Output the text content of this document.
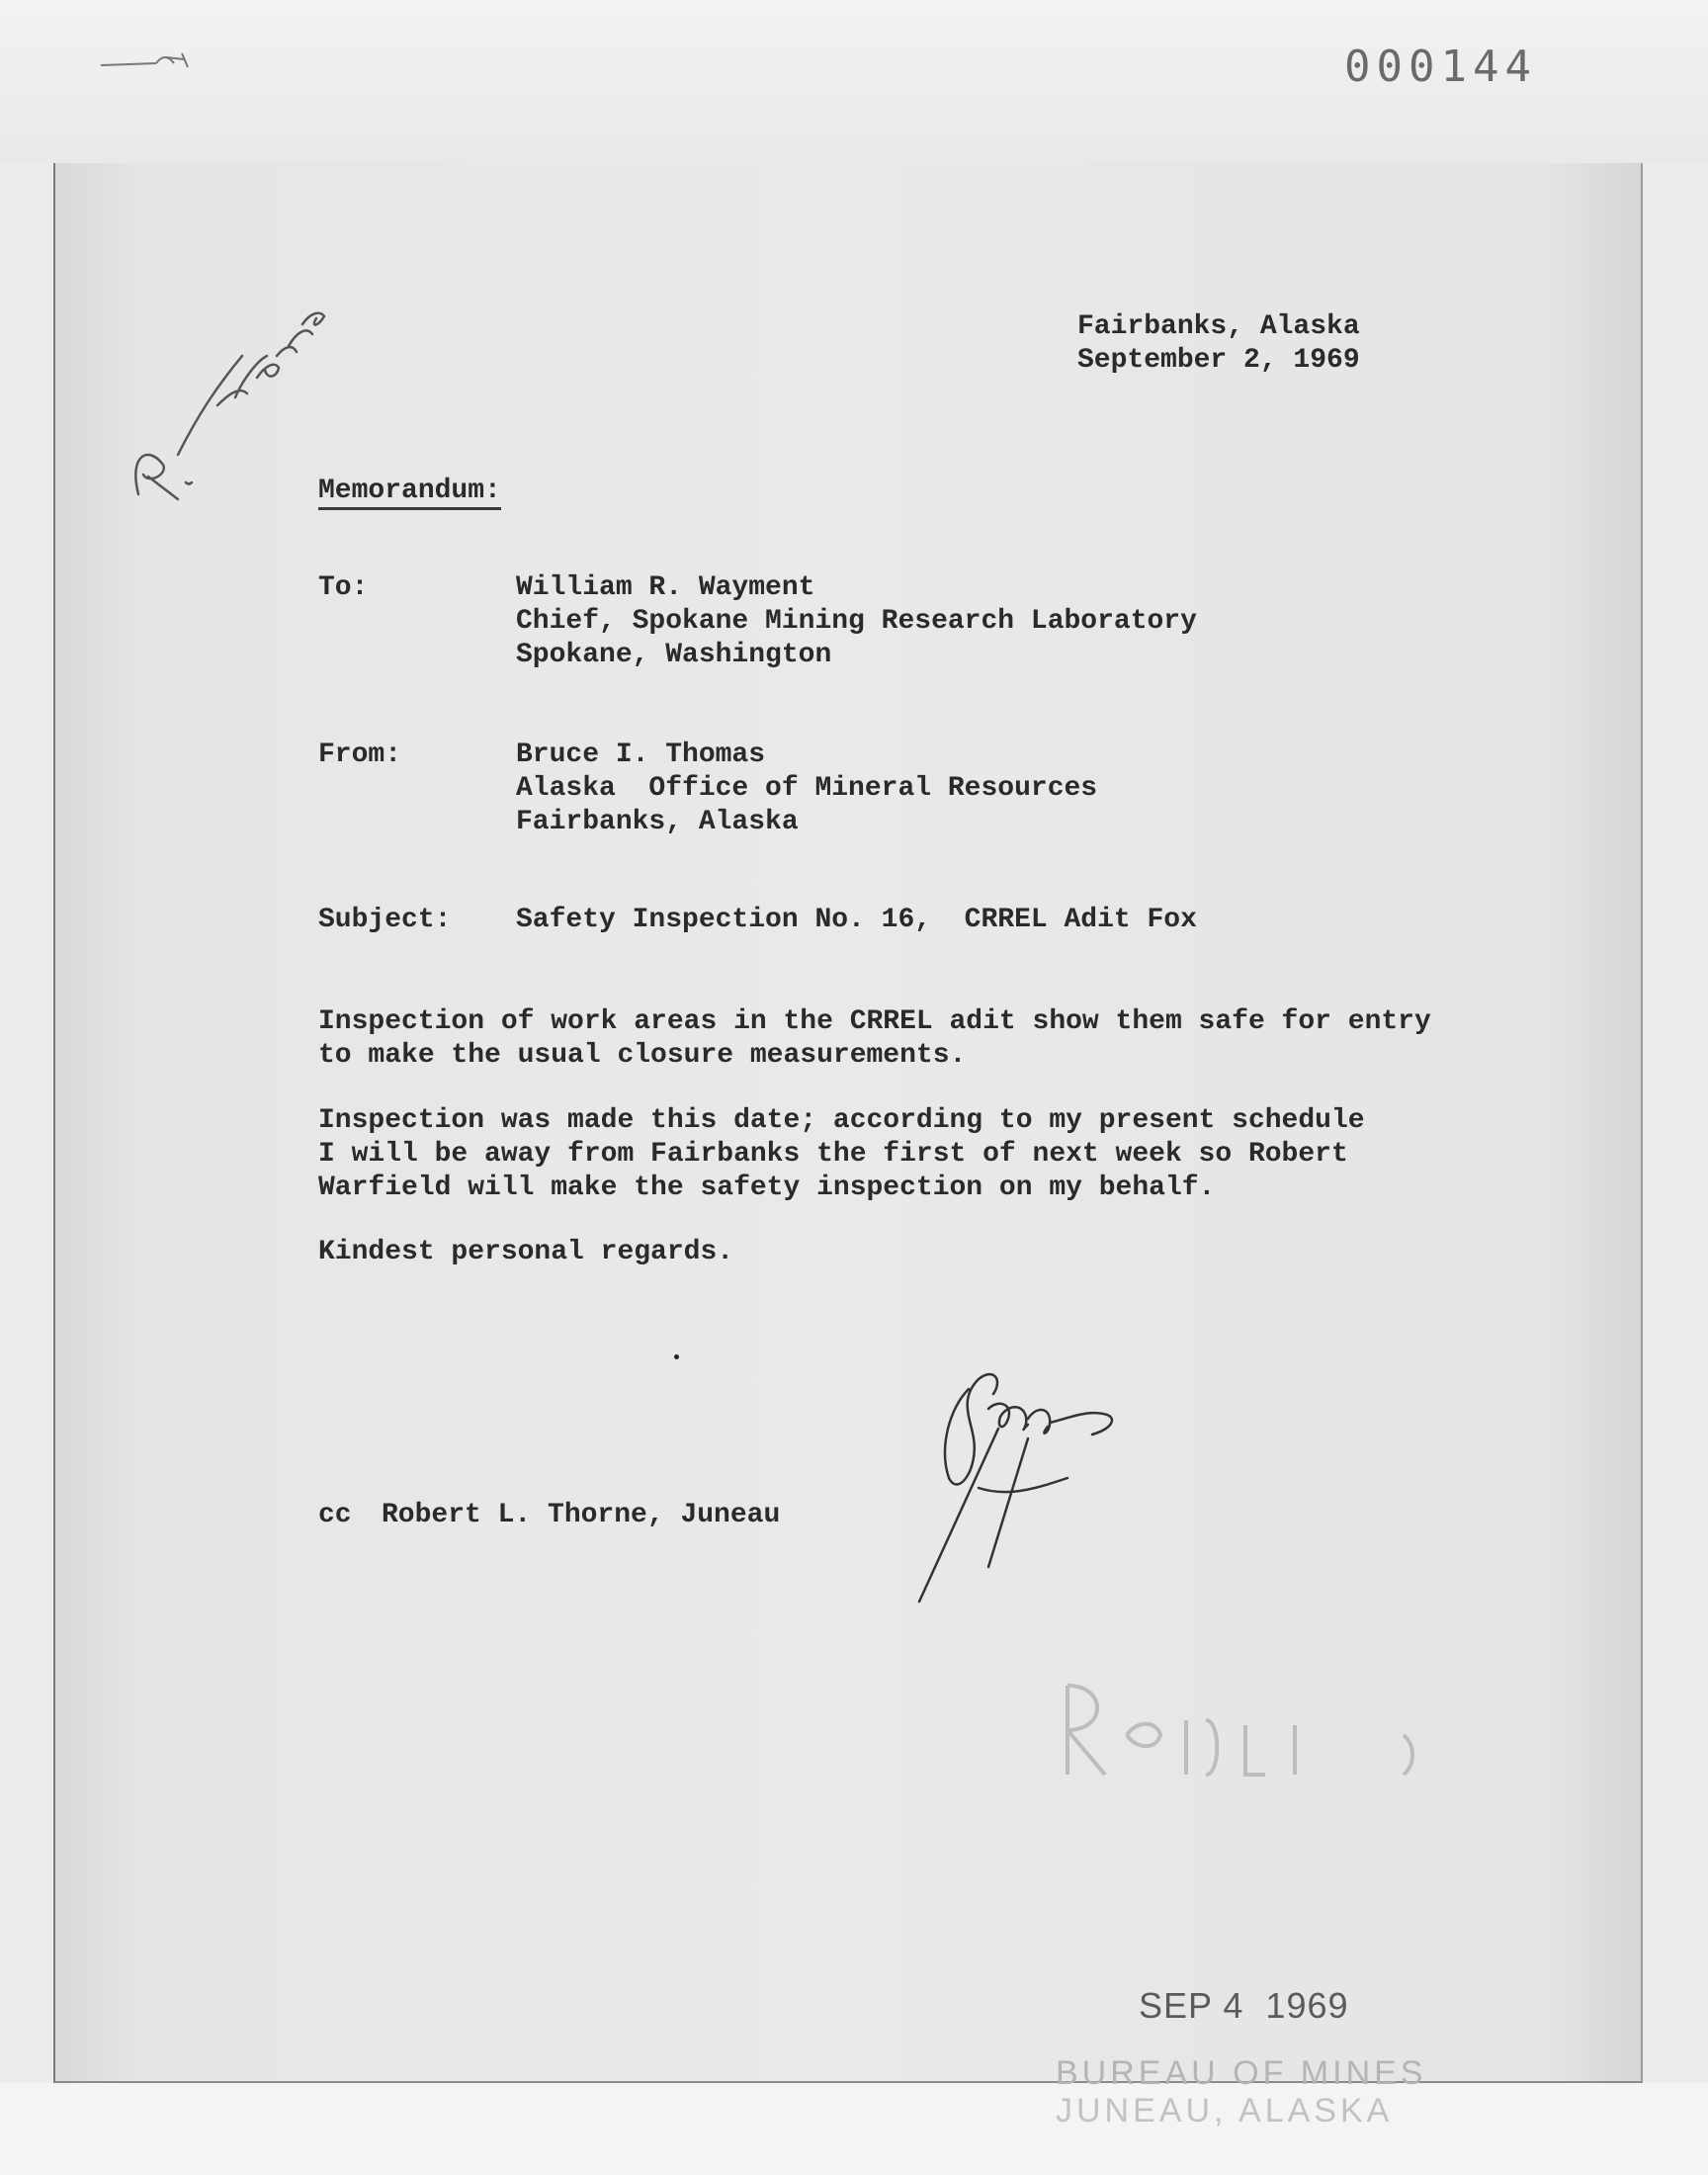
000144
Fairbanks, Alaska
September 2, 1969
Memorandum:
To:	William R. Wayment
Chief, Spokane Mining Research Laboratory
Spokane, Washington
From:	Bruce I. Thomas
Alaska  Office of Mineral Resources
Fairbanks, Alaska
Subject: Safety Inspection No. 16,  CRREL Adit Fox
Inspection of work areas in the CRREL adit show them safe for entry
to make the usual closure measurements.
Inspection was made this date; according to my present schedule
I will be away from Fairbanks the first of next week so Robert
Warfield will make the safety inspection on my behalf.
Kindest personal regards.
cc Robert L. Thorne, Juneau
SEP 4 1969
BUREAU OF MINES
JUNEAU, ALASKA
